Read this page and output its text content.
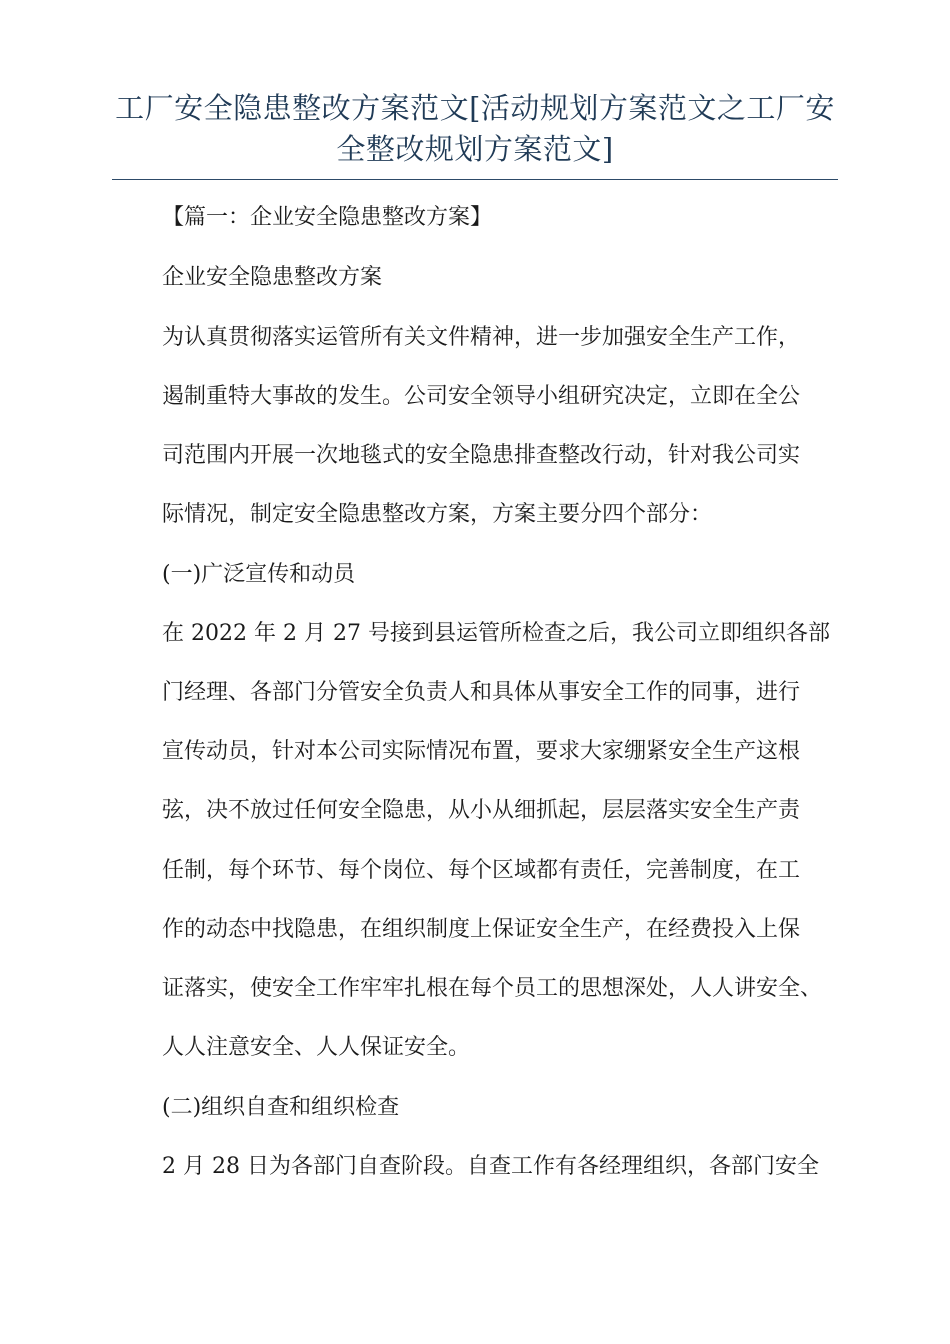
工厂安全隐患整改方案范文[活动规划方案范文之工厂安
全整改规划方案范文]
【篇一：企业安全隐患整改方案】
企业安全隐患整改方案
为认真贯彻落实运管所有关文件精神，进一步加强安全生产工作，
遏制重特大事故的发生。公司安全领导小组研究决定，立即在全公
司范围内开展一次地毯式的安全隐患排查整改行动，针对我公司实
际情况，制定安全隐患整改方案，方案主要分四个部分：
(一)广泛宣传和动员
在 2022 年 2 月 27 号接到县运管所检查之后，我公司立即组织各部
门经理、各部门分管安全负责人和具体从事安全工作的同事，进行
宣传动员，针对本公司实际情况布置，要求大家绷紧安全生产这根
弦，决不放过任何安全隐患，从小从细抓起，层层落实安全生产责
任制，每个环节、每个岗位、每个区域都有责任，完善制度，在工
作的动态中找隐患，在组织制度上保证安全生产，在经费投入上保
证落实，使安全工作牢牢扎根在每个员工的思想深处，人人讲安全、
人人注意安全、人人保证安全。
(二)组织自查和组织检查
2 月 28 日为各部门自查阶段。自查工作有各经理组织，各部门安全
